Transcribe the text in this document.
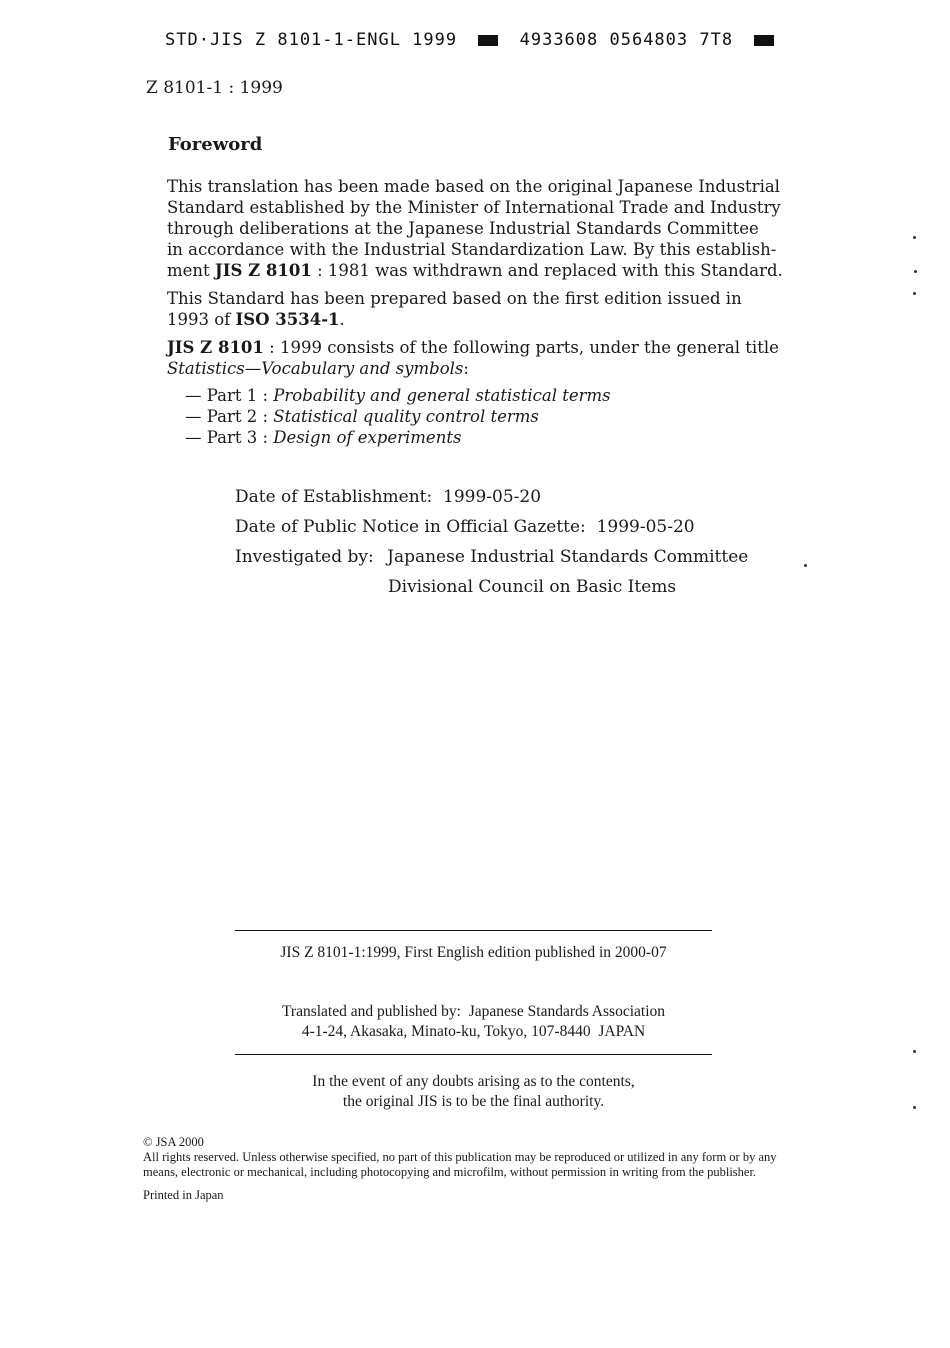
STD·JIS Z 8101-1-ENGL 1999	4933608 0564803 7T8
Z 8101-1 : 1999
Foreword
This translation has been made based on the original Japanese Industrial
Standard established by the Minister of International Trade and Industry
through deliberations at the Japanese Industrial Standards Committee
in accordance with the Industrial Standardization Law. By this establish-
ment JIS Z 8101 : 1981 was withdrawn and replaced with this Standard.
This Standard has been prepared based on the first edition issued in
1993 of ISO 3534-1.
JIS Z 8101 : 1999 consists of the following parts, under the general title
Statistics—Vocabulary and symbols:
— Part 1 : Probability and general statistical terms
— Part 2 : Statistical quality control terms
— Part 3 : Design of experiments
Date of Establishment:  1999-05-20
Date of Public Notice in Official Gazette:  1999-05-20
Investigated by: Japanese Industrial Standards Committee
Divisional Council on Basic Items
JIS Z 8101-1:1999, First English edition published in 2000-07
Translated and published by:  Japanese Standards Association
4-1-24, Akasaka, Minato-ku, Tokyo, 107-8440  JAPAN
In the event of any doubts arising as to the contents,
the original JIS is to be the final authority.
© JSA 2000
All rights reserved. Unless otherwise specified, no part of this publication may be reproduced or utilized in any form or by any means, electronic or mechanical, including photocopying and microfilm, without permission in writing from the publisher.
Printed in Japan
